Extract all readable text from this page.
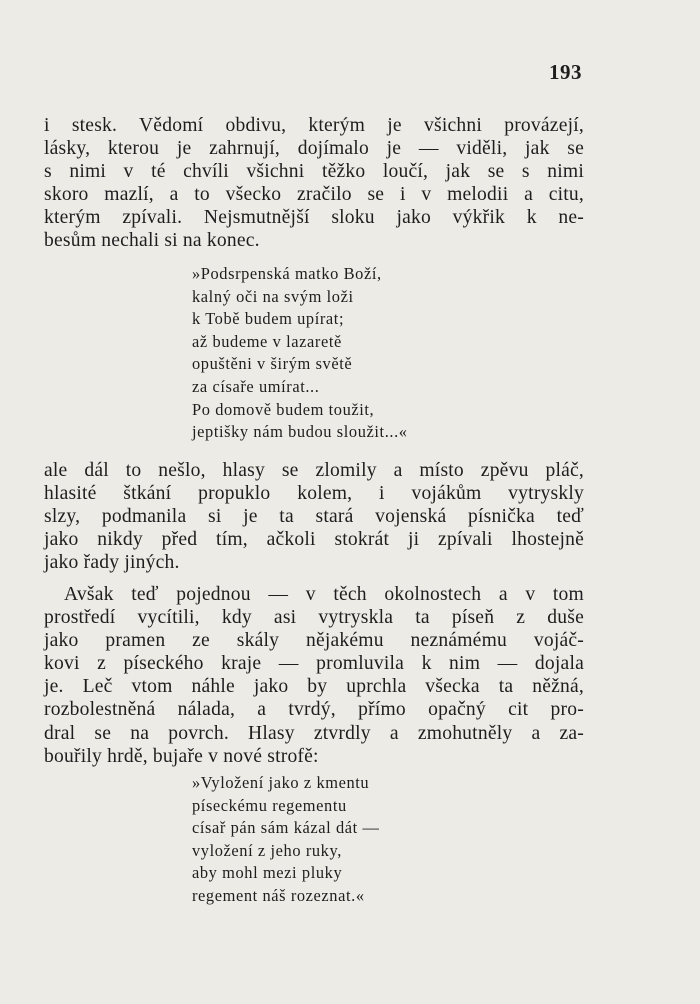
193
i stesk. Vědomí obdivu, kterým je všichni provázejí,
lásky, kterou je zahrnují, dojímalo je — viděli, jak se
s nimi v té chvíli všichni těžko loučí, jak se s nimi
skoro mazlí, a to všecko zračilo se i v melodii a citu,
kterým zpívali. Nejsmutnější sloku jako výkřik k ne-
besům nechali si na konec.
»Podsrpenská matko Boží,
kalný oči na svým loži
k Tobě budem upírat;
až budeme v lazaretě
opuštěni v širým světě
za císaře umírat...
Po domově budem toužit,
jeptišky nám budou sloužit...«
ale dál to nešlo, hlasy se zlomily a místo zpěvu pláč,
hlasité štkání propuklo kolem, i vojákům vytryskly
slzy, podmanila si je ta stará vojenská písnička teď
jako nikdy před tím, ačkoli stokrát ji zpívali lhostejně
jako řady jiných.
Avšak teď pojednou — v těch okolnostech a v tom
prostředí vycítili, kdy asi vytryskla ta píseň z duše
jako pramen ze skály nějakému neznámému vojáč-
kovi z píseckého kraje — promluvila k nim — dojala
je. Leč vtom náhle jako by uprchla všecka ta něžná,
rozbolestněná nálada, a tvrdý, přímo opačný cit pro-
dral se na povrch. Hlasy ztvrdly a zmohutněly a za-
bouřily hrdě, bujaře v nové strofě:
»Vyložení jako z kmentu
píseckému regementu
císař pán sám kázal dát —
vyložení z jeho ruky,
aby mohl mezi pluky
regement náš rozeznat.«
